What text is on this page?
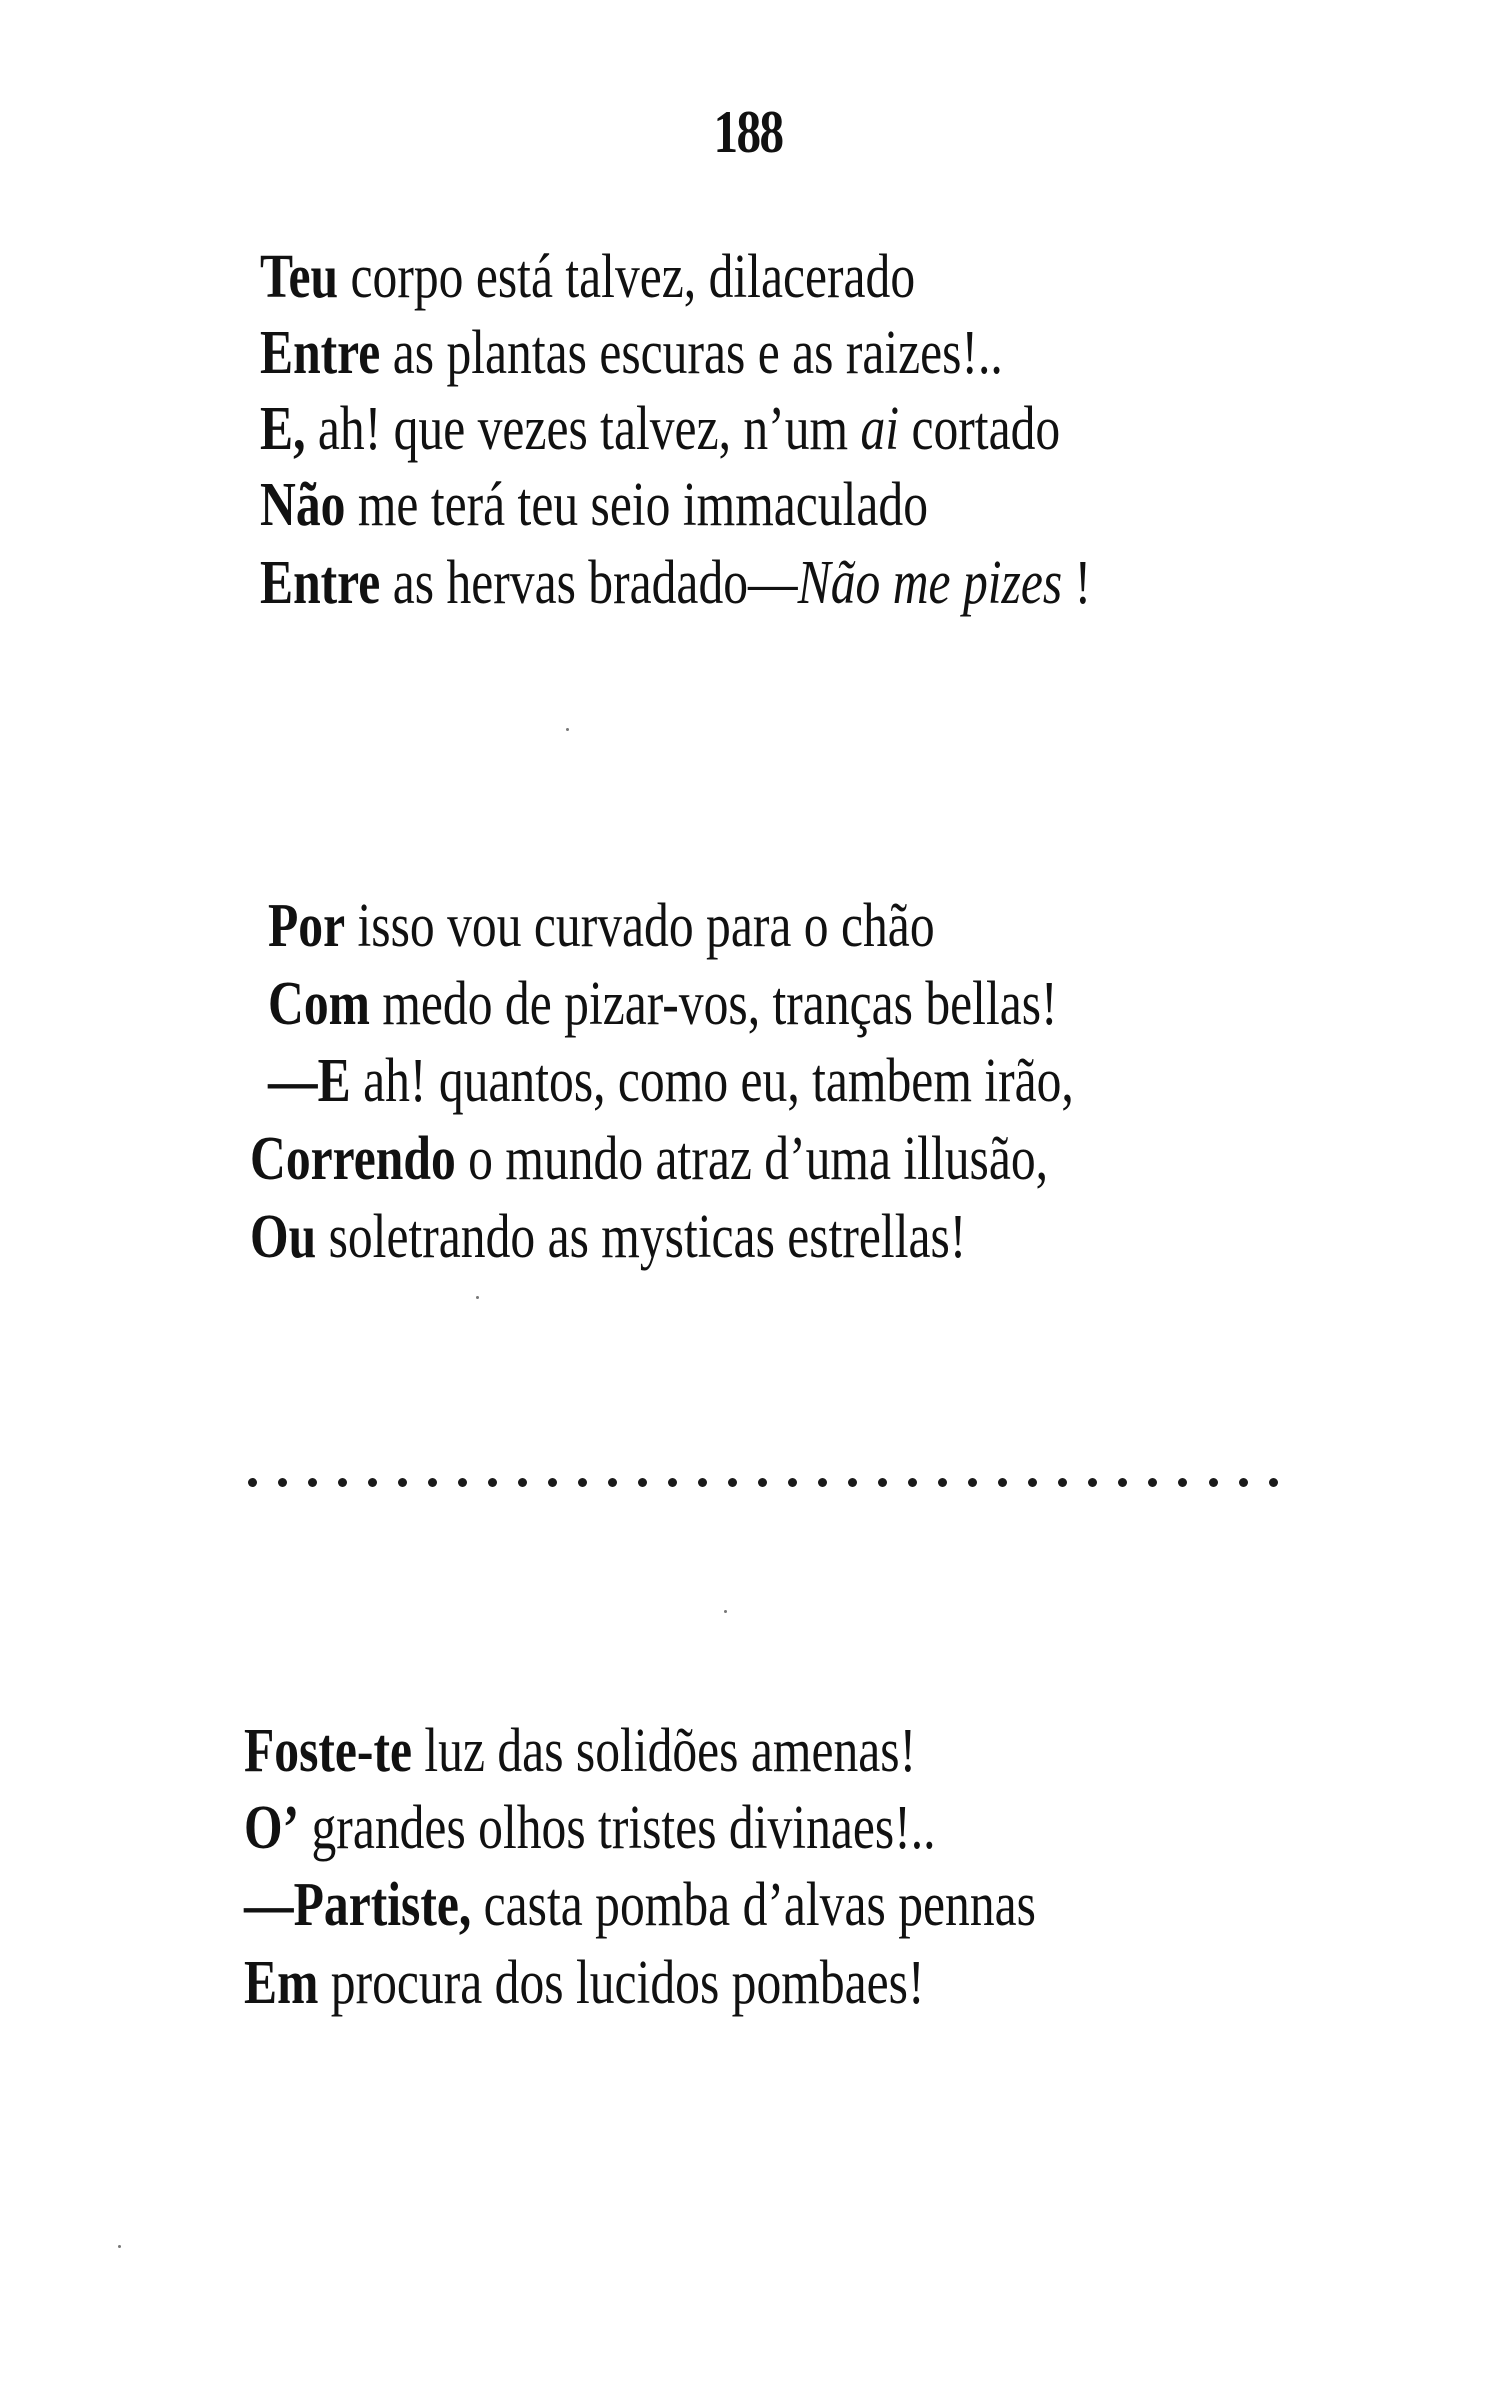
188
Teu corpo está talvez, dilacerado
Entre as plantas escuras e as raizes!..
E, ah! que vezes talvez, n’um ai cortado
Não me terá teu seio immaculado
Entre as hervas bradado—Não me pizes !
Por isso vou curvado para o chão
Com medo de pizar-vos, tranças bellas!
—E ah! quantos, como eu, tambem irão,
Correndo o mundo atraz d’uma illusão,
Ou soletrando as mysticas estrellas!
Foste-te luz das solidões amenas!
O’ grandes olhos tristes divinaes!..
—Partiste, casta pomba d’alvas pennas
Em procura dos lucidos pombaes!
